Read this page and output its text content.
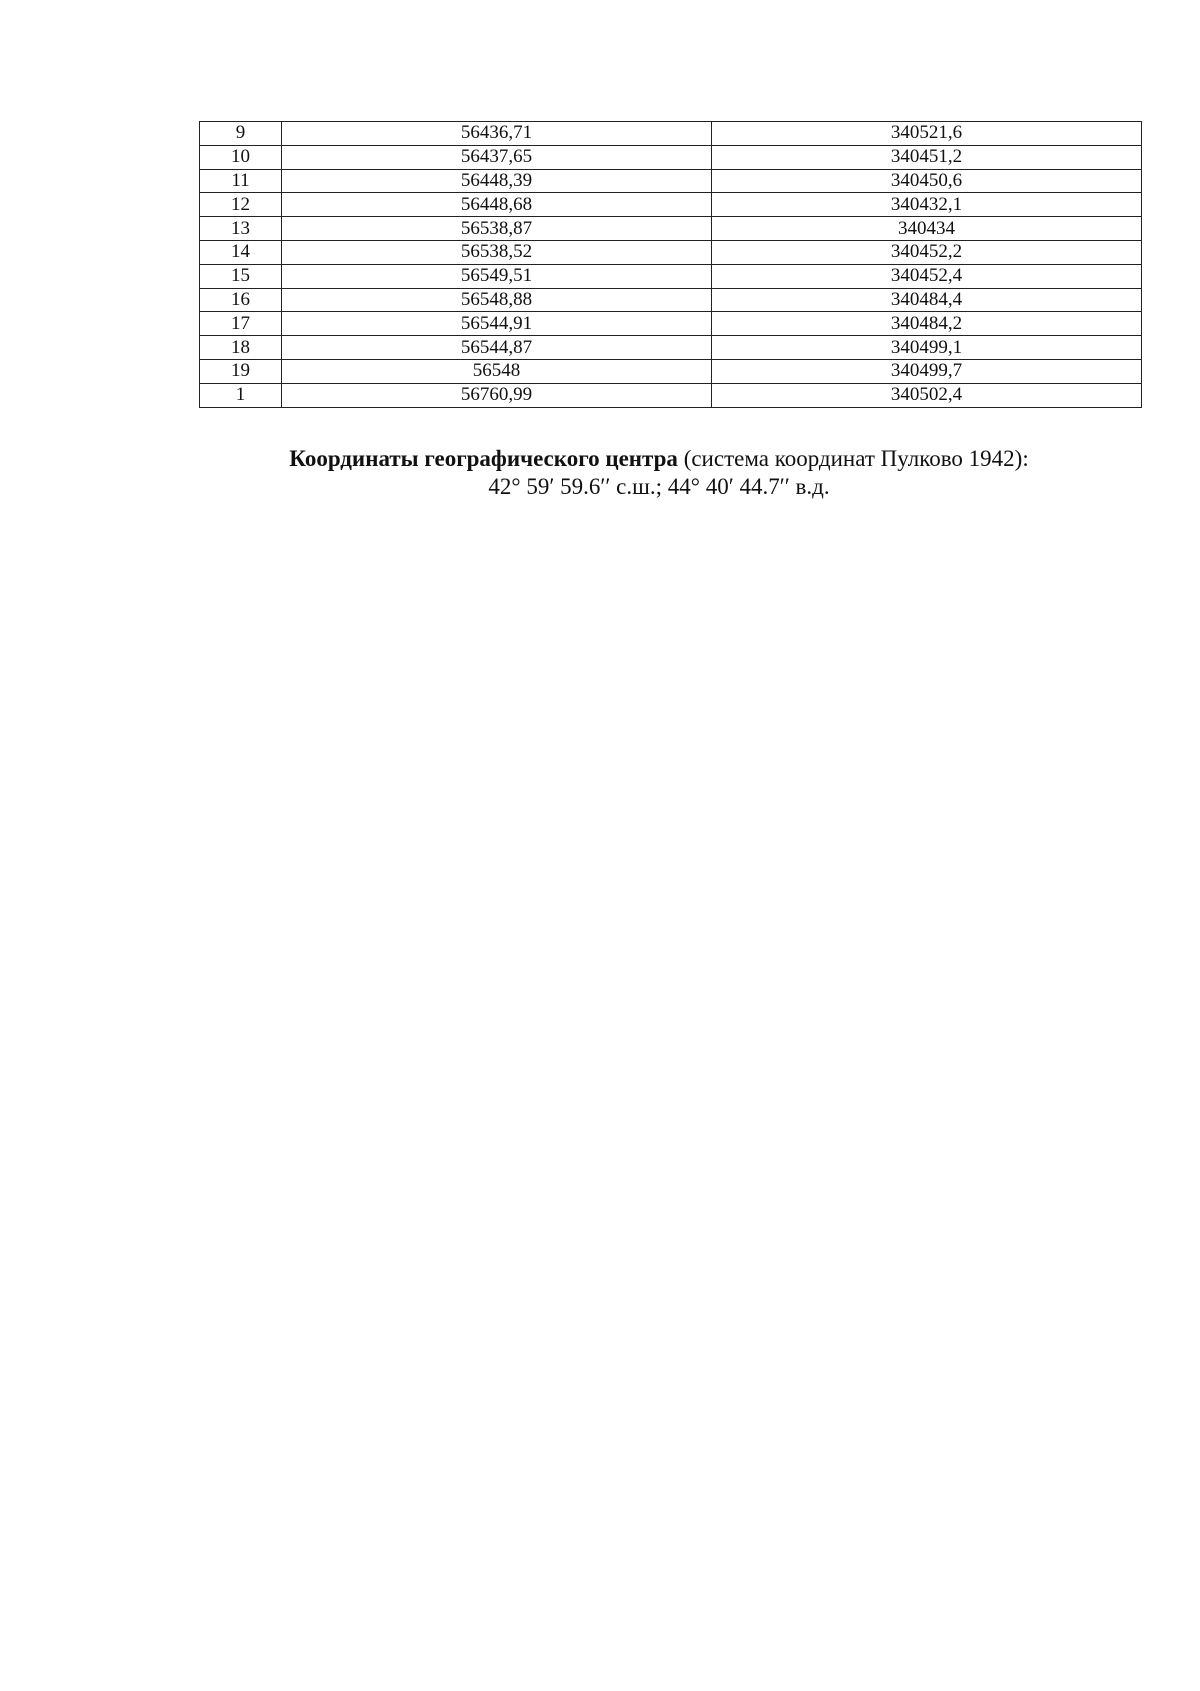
9	56436,71	340521,6
10	56437,65	340451,2
11	56448,39	340450,6
12	56448,68	340432,1
13	56538,87	340434
14	56538,52	340452,2
15	56549,51	340452,4
16	56548,88	340484,4
17	56544,91	340484,2
18	56544,87	340499,1
19	56548	340499,7
1	56760,99	340502,4
Координаты географического центра (система координат Пулково 1942):
42° 59′ 59.6′′ с.ш.; 44° 40′ 44.7′′ в.д.
